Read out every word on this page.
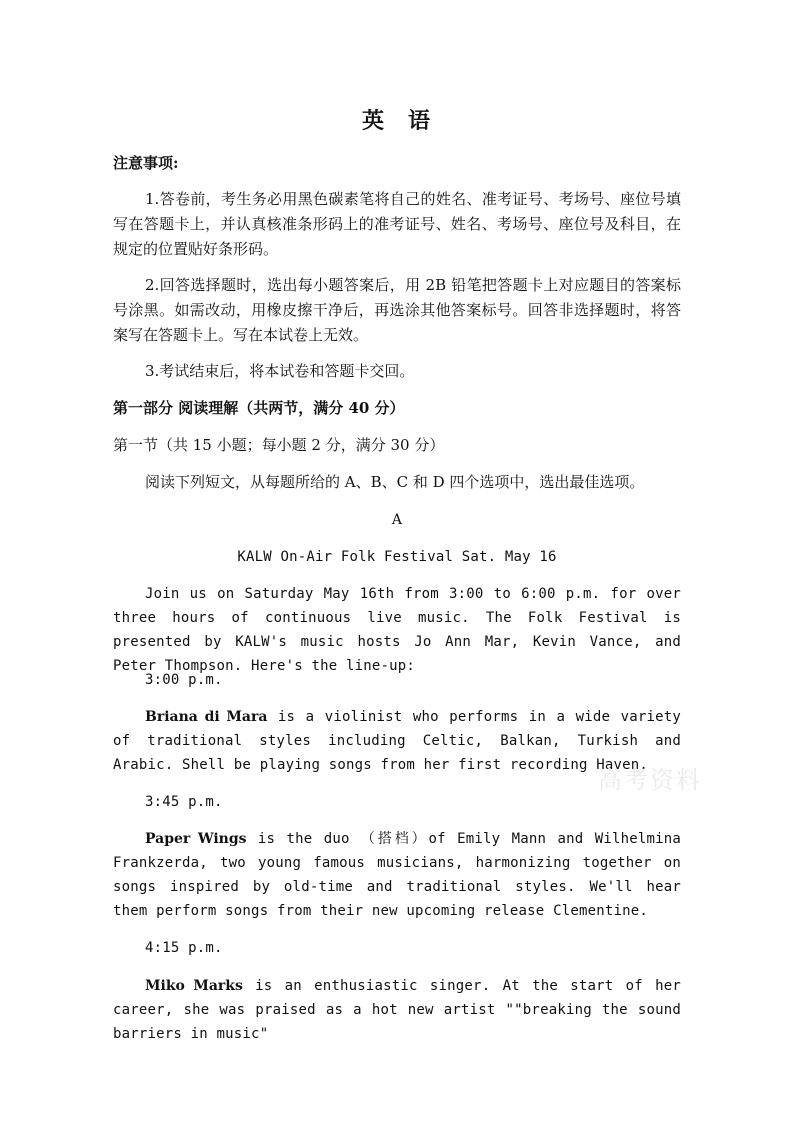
英 语
注意事项:
1.答卷前，考生务必用黑色碳素笔将自己的姓名、准考证号、考场号、座位号填写在答题卡上，并认真核准条形码上的准考证号、姓名、考场号、座位号及科目，在规定的位置贴好条形码。
2.回答选择题时，选出每小题答案后，用 2B 铅笔把答题卡上对应题目的答案标号涂黑。如需改动，用橡皮擦干净后，再选涂其他答案标号。回答非选择题时，将答案写在答题卡上。写在本试卷上无效。
3.考试结束后，将本试卷和答题卡交回。
第一部分 阅读理解（共两节，满分 40 分）
第一节（共 15 小题；每小题 2 分，满分 30 分）
阅读下列短文，从每题所给的 A、B、C 和 D 四个选项中，选出最佳选项。
A
KALW On-Air Folk Festival Sat. May 16
Join us on Saturday May 16th from 3:00 to 6:00 p.m. for over three hours of continuous live music. The Folk Festival is presented by KALW's music hosts Jo Ann Mar, Kevin Vance, and Peter Thompson. Here's the line-up:
3:00 p.m.
Briana di Mara is a violinist who performs in a wide variety of traditional styles including Celtic, Balkan, Turkish and Arabic. Shell be playing songs from her first recording Haven.
3:45 p.m.
Paper Wings is the duo （搭档）of Emily Mann and Wilhelmina Frankzerda, two young famous musicians, harmonizing together on songs inspired by old-time and traditional styles. We'll hear them perform songs from their new upcoming release Clementine.
4:15 p.m.
Miko Marks is an enthusiastic singer. At the start of her career, she was praised as a hot new artist ""breaking the sound barriers in music"
高考资料
